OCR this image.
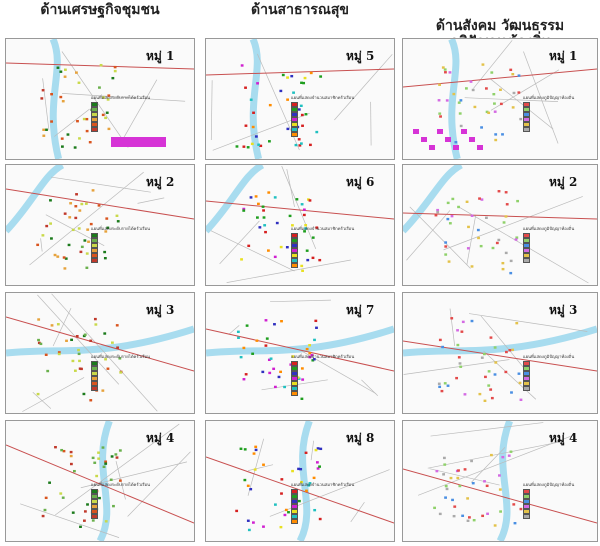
ด้านเศรษฐกิจชุมชน	ด้านสาธารณสุข

ด้านสังคม วัฒนธรรม

หมู่ 1
แผนที่แสดงระดับรายได้ครัวเรือน
หมู่ 2
แผนที่แสดงระดับรายได้ครัวเรือน
หมู่ 3
แผนที่แสดงระดับรายได้ครัวเรือน
หมู่ 4
แผนที่แสดงระดับรายได้ครัวเรือน
หมู่ 5
แผนที่แสดงจำนวนสมาชิกครัวเรือน
หมู่ 6
แผนที่แสดงจำนวนสมาชิกครัวเรือน
หมู่ 7
แผนที่แสดงจำนวนสมาชิกครัวเรือน
หมู่ 8
แผนที่แสดงจำนวนสมาชิกครัวเรือน
หมู่ 1
แผนที่แสดงภูมิปัญญาท้องถิ่น
หมู่ 2
แผนที่แสดงภูมิปัญญาท้องถิ่น
หมู่ 3
แผนที่แสดงภูมิปัญญาท้องถิ่น
หมู่ 4
แผนที่แสดงภูมิปัญญาท้องถิ่น
